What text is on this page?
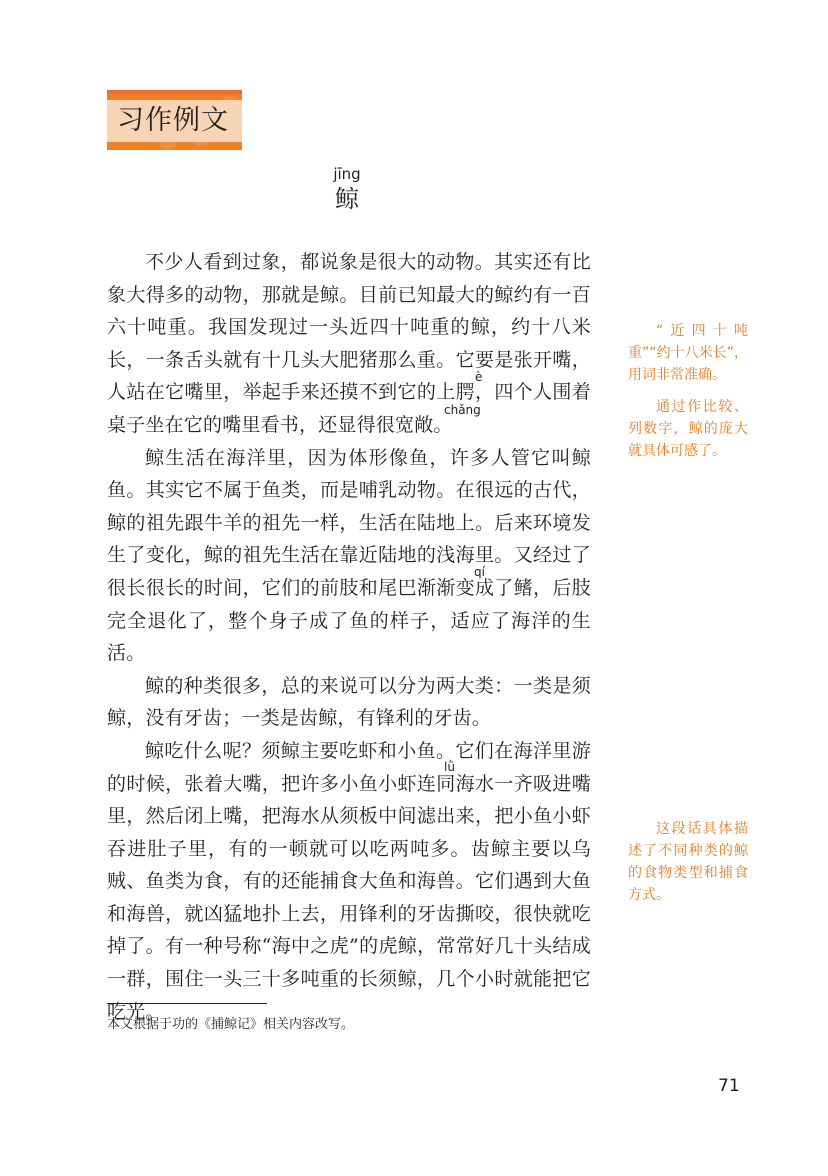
习作例文
jīng
鲸

不少人看到过象，都说象是很大的动物。其实还有比象大得多的动物，那就是鲸。目前已知最大的鲸约有一百六十吨重。我国发现过一头近四十吨重的鲸，约十八米长，一条舌头就有十几头大肥猪那么重。它要是张开嘴，人站在它嘴里，举起手来还摸不到它的上腭，四个人围着桌子坐在它的嘴里看书，还显得很宽敞。

鲸生活在海洋里，因为体形像鱼，许多人管它叫鲸鱼。其实它不属于鱼类，而是哺乳动物。在很远的古代，鲸的祖先跟牛羊的祖先一样，生活在陆地上。后来环境发生了变化，鲸的祖先生活在靠近陆地的浅海里。又经过了很长很长的时间，它们的前肢和尾巴渐渐变成了鳍，后肢完全退化了，整个身子成了鱼的样子，适应了海洋的生活。

鲸的种类很多，总的来说可以分为两大类：一类是须鲸，没有牙齿；一类是齿鲸，有锋利的牙齿。

鲸吃什么呢？须鲸主要吃虾和小鱼。它们在海洋里游的时候，张着大嘴，把许多小鱼小虾连同海水一齐吸进嘴里，然后闭上嘴，把海水从须板中间滤出来，把小鱼小虾吞进肚子里，有的一顿就可以吃两吨多。齿鲸主要以乌贼、鱼类为食，有的还能捕食大鱼和海兽。它们遇到大鱼和海兽，就凶猛地扑上去，用锋利的牙齿撕咬，很快就吃掉了。有一种号称“海中之虎”的虎鲸，常常好几十头结成一群，围住一头三十多吨重的长须鲸，几个小时就能把它吃光。

è
chǎng
qí
lǜ

“近四十吨重”“约十八米长”，用词非常准确。

通过作比较、列数字，鲸的庞大就具体可感了。

这段话具体描述了不同种类的鲸的食物类型和捕食方式。

本文根据于功的《捕鲸记》相关内容改写。
71
